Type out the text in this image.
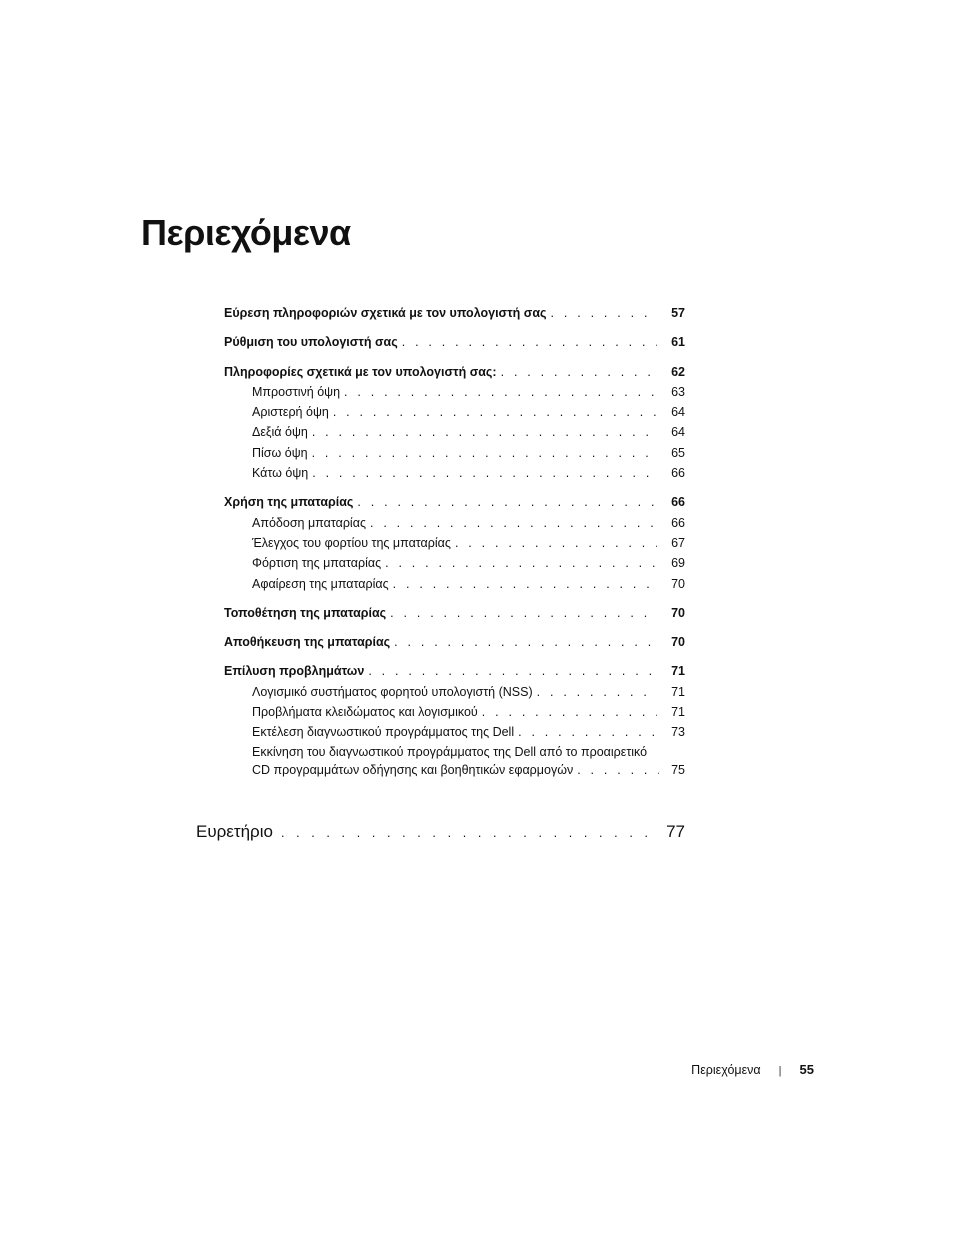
Περιεχόμενα
Εύρεση πληροφοριών σχετικά με τον υπολογιστή σας . . .	57
Ρύθμιση του υπολογιστή σας . . .	61
Πληροφορίες σχετικά με τον υπολογιστή σας: . . .	62
Μπροστινή όψη . . .	63
Αριστερή όψη . . .	64
Δεξιά όψη . . .	64
Πίσω όψη . . .	65
Κάτω όψη . . .	66
Χρήση της μπαταρίας . . .	66
Απόδοση μπαταρίας . . .	66
Έλεγχος του φορτίου της μπαταρίας . . .	67
Φόρτιση της μπαταρίας . . .	69
Αφαίρεση της μπαταρίας . . .	70
Τοποθέτηση της μπαταρίας . . .	70
Αποθήκευση της μπαταρίας . . .	70
Επίλυση προβλημάτων . . .	71
Λογισμικό συστήματος φορητού υπολογιστή (NSS) . . .	71
Προβλήματα κλειδώματος και λογισμικού . . .	71
Εκτέλεση διαγνωστικού προγράμματος της Dell . . .	73
Εκκίνηση του διαγνωστικού προγράμματος της Dell από το προαιρετικό
CD προγραμμάτων οδήγησης και βοηθητικών εφαρμογών . . .	75
Ευρετήριο . . .	77
Περιεχόμενα | 55
